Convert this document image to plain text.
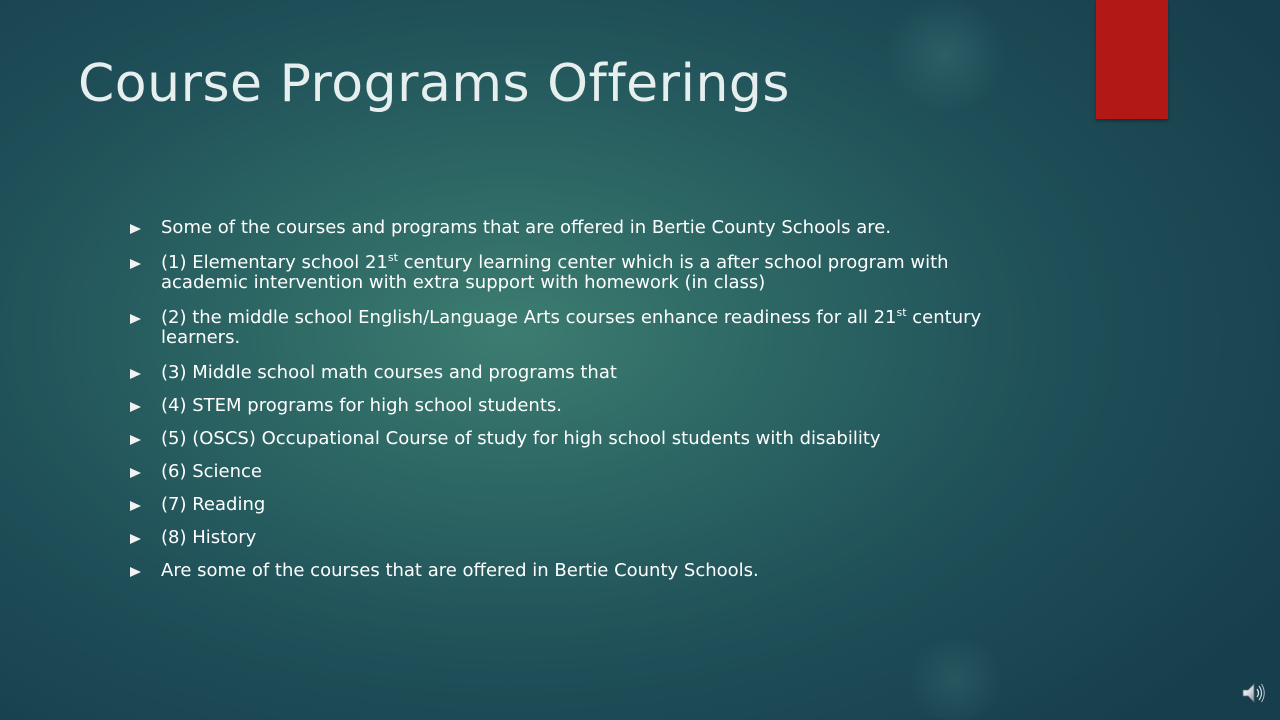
Course Programs Offerings
Some of the courses and programs that are offered in Bertie County Schools are.
(1) Elementary school 21st century learning center which is a after school program with academic intervention with extra support with homework (in class)
(2) the middle school English/Language Arts courses enhance readiness for all 21st century learners.
(3) Middle school math courses and programs that
(4) STEM programs for high school students.
(5) (OSCS) Occupational Course of study for high school students with disability
(6) Science
(7) Reading
(8) History
Are some of the courses that are offered in Bertie County Schools.
